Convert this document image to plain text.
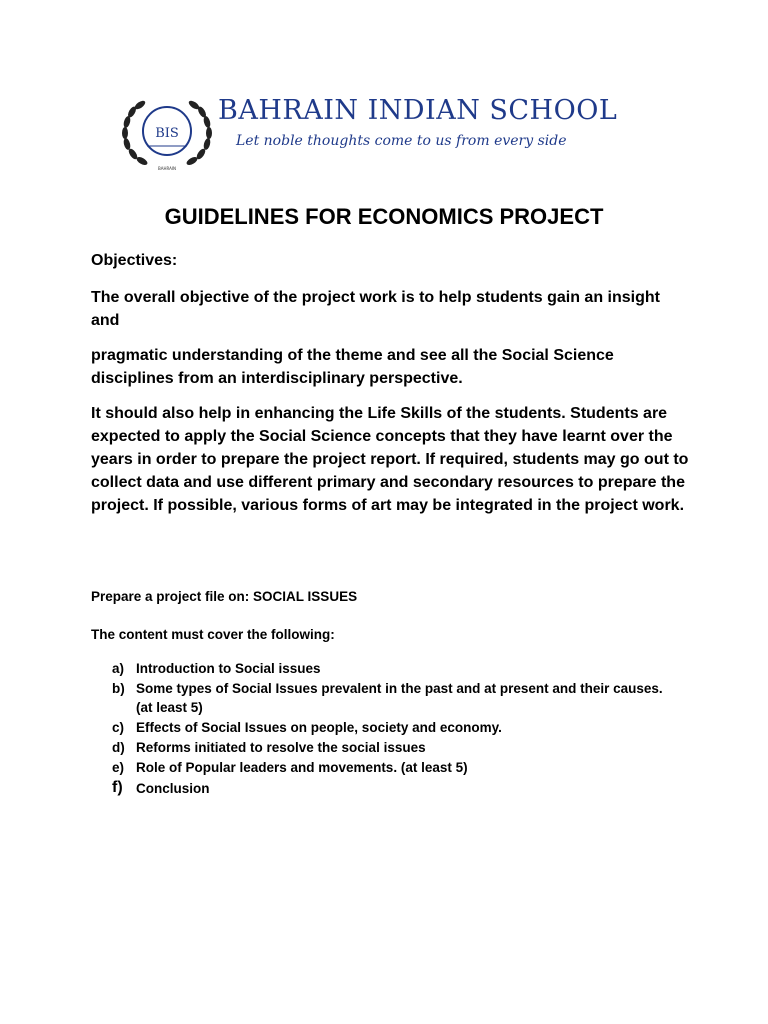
BIS
BAHRAIN
BAHRAIN INDIAN SCHOOL
Let noble thoughts come to us from every side
GUIDELINES FOR ECONOMICS PROJECT

Objectives:

The overall objective of the project work is to help students gain an insight and

pragmatic understanding of the theme and see all the Social Science disciplines from an interdisciplinary perspective.

It should also help in enhancing the Life Skills of the students. Students are expected to apply the Social Science concepts that they have learnt over the years in order to prepare the project report. If required, students may go out to collect data and use different primary and secondary resources to prepare the project. If possible, various forms of art may be integrated in the project work.

Prepare a project file on: SOCIAL ISSUES

The content must cover the following:

a) Introduction to Social issues
b) Some types of Social Issues prevalent in the past and at present and their causes. (at least 5)
c) Effects of Social Issues on people, society and economy.
d) Reforms initiated to resolve the social issues
e) Role of Popular leaders and movements. (at least 5)
f) Conclusion
